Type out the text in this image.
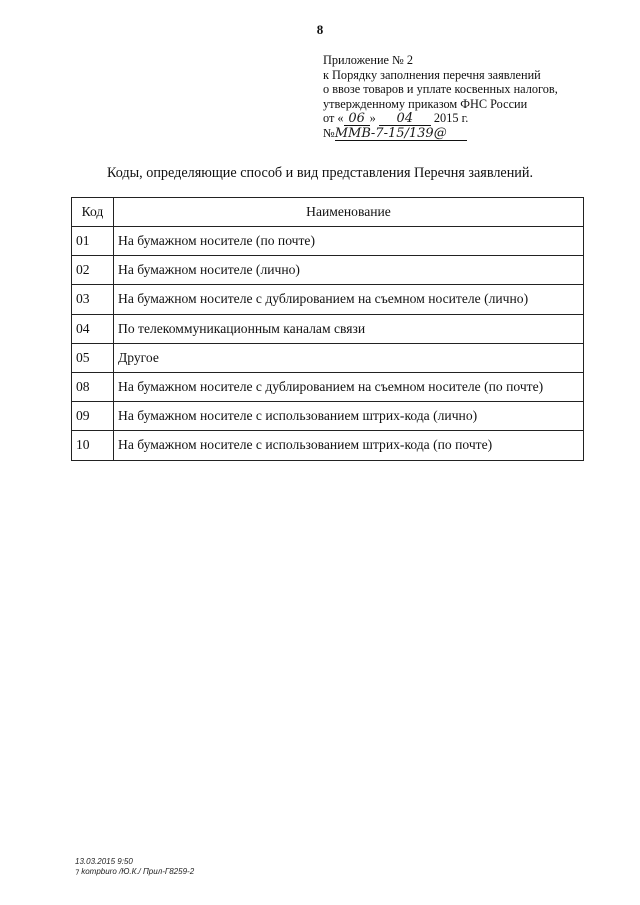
8
Приложение № 2
к Порядку заполнения перечня заявлений
о ввозе товаров и уплате косвенных налогов,
утвержденному приказом ФНС России
от « 06 » 04 2015 г.
№ММВ-7-15/139@
Коды, определяющие способ и вид представления Перечня заявлений.
Код	Наименование
01	На бумажном носителе (по почте)
02	На бумажном носителе (лично)
03	На бумажном носителе с дублированием на съемном носителе (лично)
04	По телекоммуникационным каналам связи
05	Другое
08	На бумажном носителе с дублированием на съемном носителе (по почте)
09	На бумажном носителе с использованием штрих-кода (лично)
10	На бумажном носителе с использованием штрих-кода (по почте)
13.03.2015 9:50
⁊ kompburo /Ю.К./ Прил-Г8259-2
